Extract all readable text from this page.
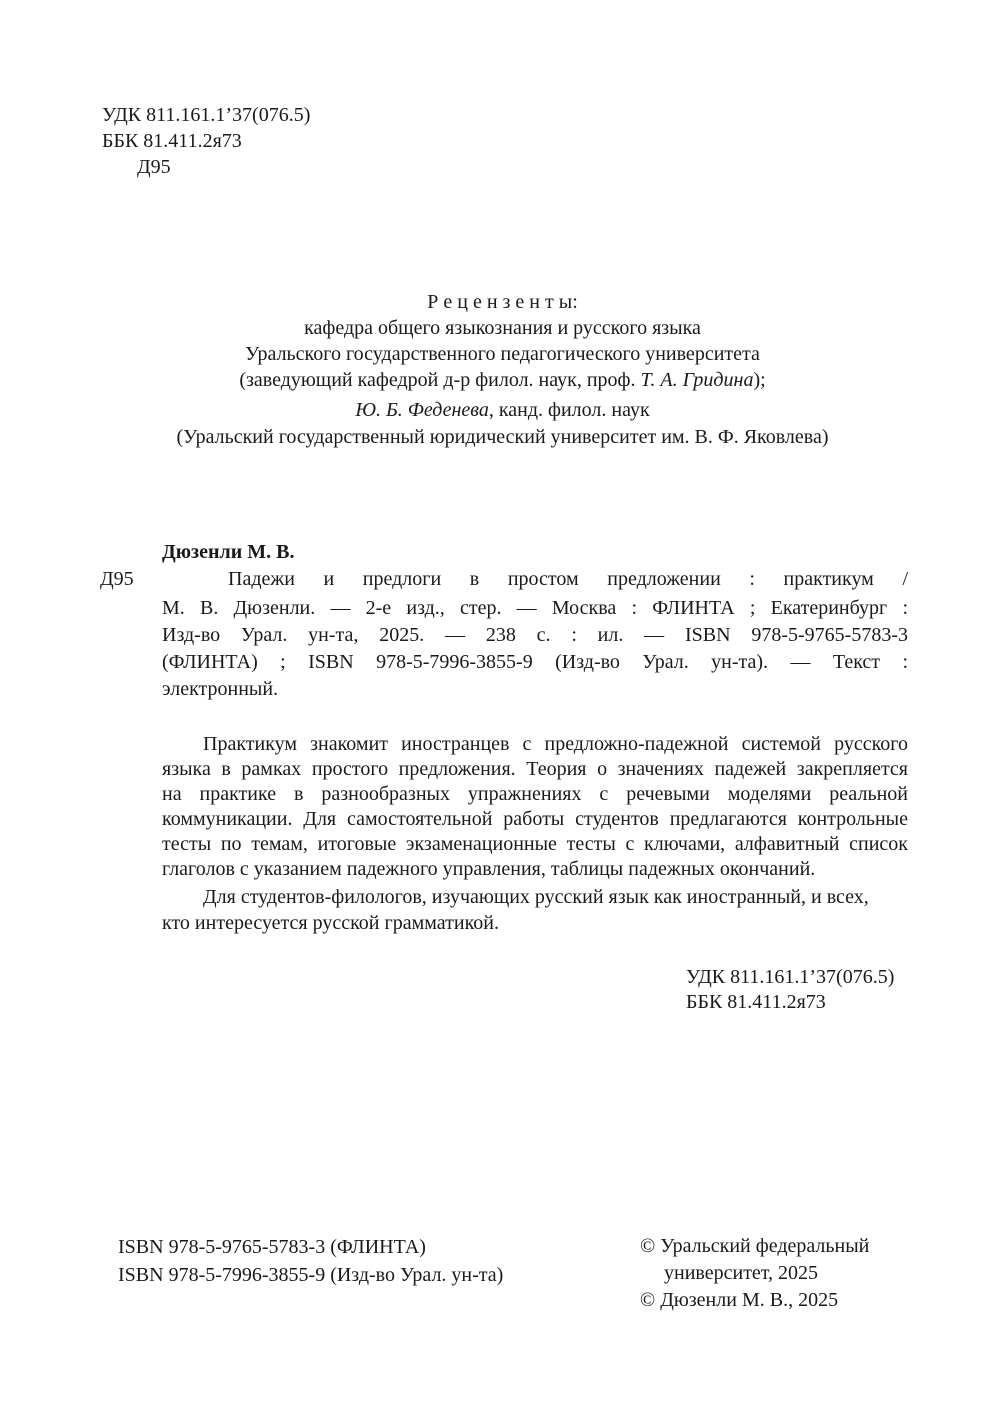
УДК 811.161.1’37(076.5)
ББК 81.411.2я73
Д95
Р е ц е н з е н т ы:
кафедра общего языкознания и русского языка
Уральского государственного педагогического университета
(заведующий кафедрой д-р филол. наук, проф. Т. А. Гридина);
Ю. Б. Феденева, канд. филол. наук
(Уральский государственный юридический университет им. В. Ф. Яковлева)
Дюзенли М. В.
Д95	Падежи и предлоги в простом предложении : практикум /
М. В. Дюзенли. — 2-е изд., стер. — Москва : ФЛИНТА ; Екатеринбург :
Изд-во Урал. ун-та, 2025. — 238 с. : ил. — ISBN 978-5-9765-5783-3
(ФЛИНТА) ; ISBN 978-5-7996-3855-9 (Изд-во Урал. ун-та). — Текст :
электронный.
Практикум знакомит иностранцев с предложно-падежной системой русского
языка в рамках простого предложения. Теория о значениях падежей закрепляется
на практике в разнообразных упражнениях с речевыми моделями реальной
коммуникации. Для самостоятельной работы студентов предлагаются контрольные
тесты по темам, итоговые экзаменационные тесты с ключами, алфавитный список
глаголов с указанием падежного управления, таблицы падежных окончаний.
Для студентов-филологов, изучающих русский язык как иностранный, и всех,
кто интересуется русской грамматикой.
УДК 811.161.1’37(076.5)
ББК 81.411.2я73
ISBN 978-5-9765-5783-3 (ФЛИНТА)
ISBN 978-5-7996-3855-9 (Изд-во Урал. ун-та)
© Уральский федеральный
университет, 2025
© Дюзенли М. В., 2025
